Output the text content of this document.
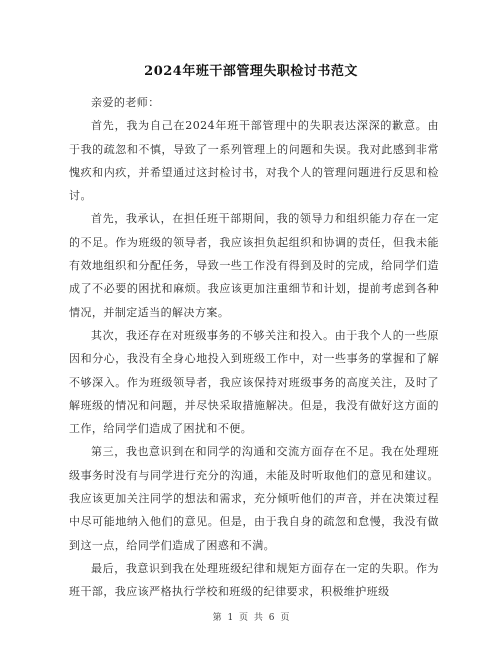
2024年班干部管理失职检讨书范文

亲爱的老师：

首先，我为自己在2024年班干部管理中的失职表达深深的歉意。由于我的疏忽和不慎，导致了一系列管理上的问题和失误。我对此感到非常愧疚和内疚，并希望通过这封检讨书，对我个人的管理问题进行反思和检讨。

首先，我承认，在担任班干部期间，我的领导力和组织能力存在一定的不足。作为班级的领导者，我应该担负起组织和协调的责任，但我未能有效地组织和分配任务，导致一些工作没有得到及时的完成，给同学们造成了不必要的困扰和麻烦。我应该更加注重细节和计划，提前考虑到各种情况，并制定适当的解决方案。

其次，我还存在对班级事务的不够关注和投入。由于我个人的一些原因和分心，我没有全身心地投入到班级工作中，对一些事务的掌握和了解不够深入。作为班级领导者，我应该保持对班级事务的高度关注，及时了解班级的情况和问题，并尽快采取措施解决。但是，我没有做好这方面的工作，给同学们造成了困扰和不便。

第三，我也意识到在和同学的沟通和交流方面存在不足。我在处理班级事务时没有与同学进行充分的沟通，未能及时听取他们的意见和建议。我应该更加关注同学的想法和需求，充分倾听他们的声音，并在决策过程中尽可能地纳入他们的意见。但是，由于我自身的疏忽和怠慢，我没有做到这一点，给同学们造成了困惑和不满。

最后，我意识到我在处理班级纪律和规矩方面存在一定的失职。作为班干部，我应该严格执行学校和班级的纪律要求，积极维护班级

第 1 页 共 6 页
